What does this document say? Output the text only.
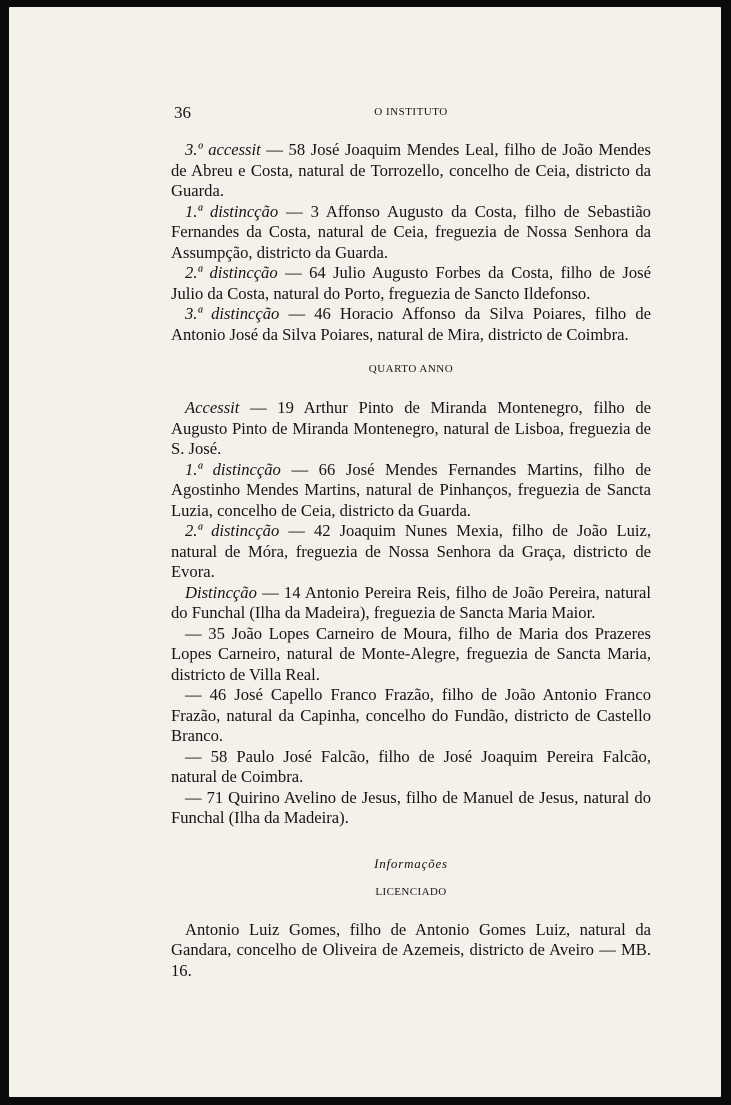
36	O INSTITUTO

3.º accessit — 58 José Joaquim Mendes Leal, filho de João Mendes de Abreu e Costa, natural de Torrozello, concelho de Ceia, districto da Guarda.

1.ª distincção — 3 Affonso Augusto da Costa, filho de Sebastião Fernandes da Costa, natural de Ceia, freguezia de Nossa Senhora da Assumpção, districto da Guarda.

2.ª distincção — 64 Julio Augusto Forbes da Costa, filho de José Julio da Costa, natural do Porto, freguezia de Sancto Ildefonso.

3.ª distincção — 46 Horacio Affonso da Silva Poiares, filho de Antonio José da Silva Poiares, natural de Mira, districto de Coimbra.

QUARTO ANNO

Accessit — 19 Arthur Pinto de Miranda Montenegro, filho de Augusto Pinto de Miranda Montenegro, natural de Lisboa, freguezia de S. José.

1.ª distincção — 66 José Mendes Fernandes Martins, filho de Agostinho Mendes Martins, natural de Pinhanços, freguezia de Sancta Luzia, concelho de Ceia, districto da Guarda.

2.ª distincção — 42 Joaquim Nunes Mexia, filho de João Luiz, natural de Móra, freguezia de Nossa Senhora da Graça, districto de Evora.

Distincção — 14 Antonio Pereira Reis, filho de João Pereira, natural do Funchal (Ilha da Madeira), freguezia de Sancta Maria Maior.

— 35 João Lopes Carneiro de Moura, filho de Maria dos Prazeres Lopes Carneiro, natural de Monte-Alegre, freguezia de Sancta Maria, districto de Villa Real.

— 46 José Capello Franco Frazão, filho de João Antonio Franco Frazão, natural da Capinha, concelho do Fundão, districto de Castello Branco.

— 58 Paulo José Falcão, filho de José Joaquim Pereira Falcão, natural de Coimbra.

— 71 Quirino Avelino de Jesus, filho de Manuel de Jesus, natural do Funchal (Ilha da Madeira).

Informações
LICENCIADO

Antonio Luiz Gomes, filho de Antonio Gomes Luiz, natural da Gandara, concelho de Oliveira de Azemeis, districto de Aveiro — MB. 16.
